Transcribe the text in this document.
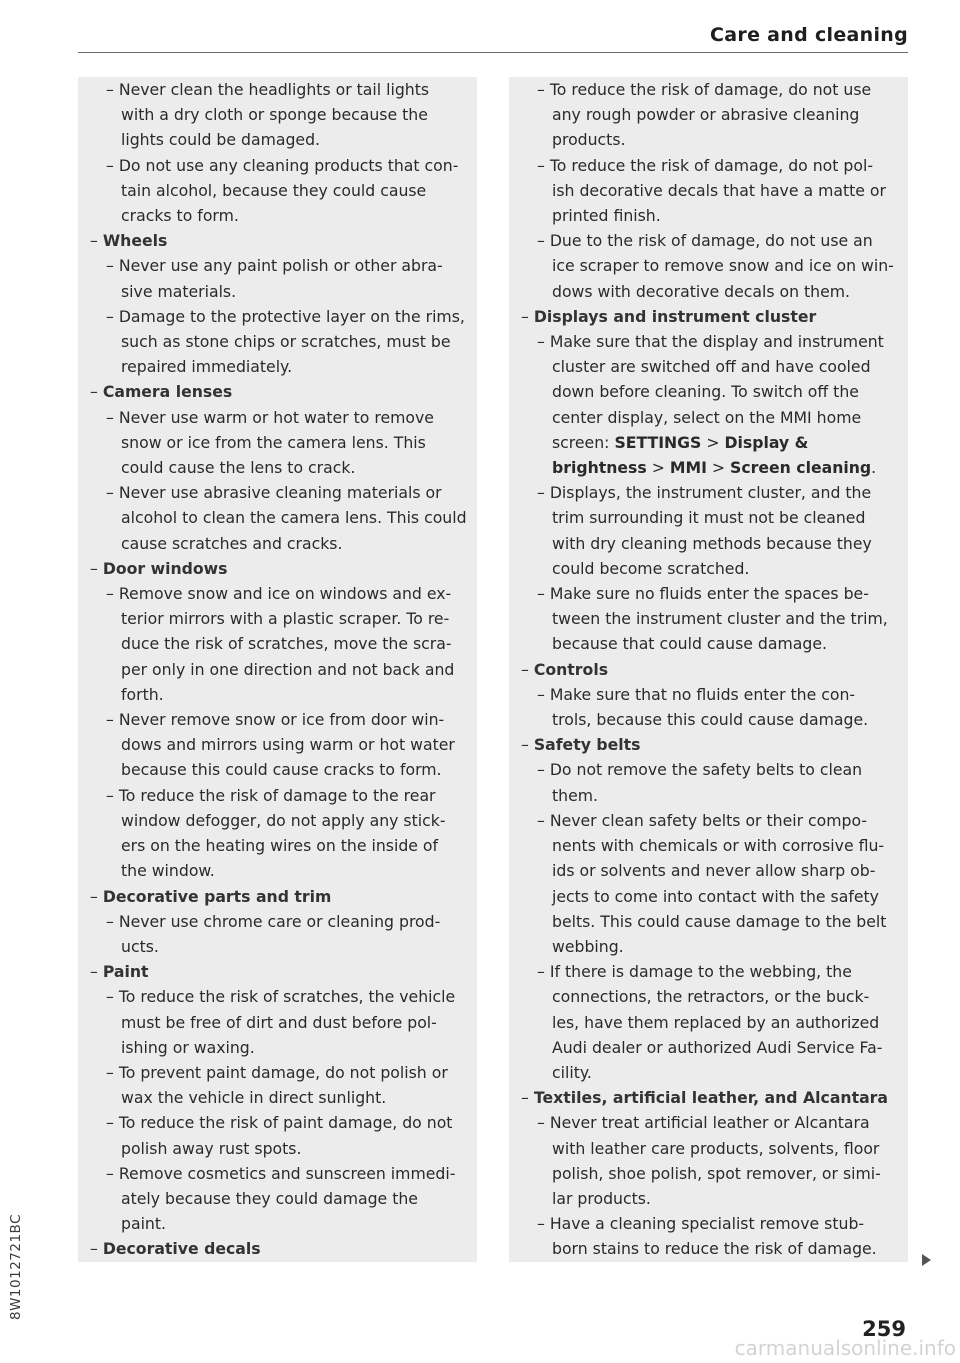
Care and cleaning
– Never clean the headlights or tail lights with a dry cloth or sponge because the lights could be damaged.
– Do not use any cleaning products that con- tain alcohol, because they could cause cracks to form.
– Wheels
– Never use any paint polish or other abra- sive materials.
– Damage to the protective layer on the rims, such as stone chips or scratches, must be repaired immediately.
– Camera lenses
– Never use warm or hot water to remove snow or ice from the camera lens. This could cause the lens to crack.
– Never use abrasive cleaning materials or alcohol to clean the camera lens. This could cause scratches and cracks.
– Door windows
– Remove snow and ice on windows and ex- terior mirrors with a plastic scraper. To re- duce the risk of scratches, move the scra- per only in one direction and not back and forth.
– Never remove snow or ice from door win- dows and mirrors using warm or hot water because this could cause cracks to form.
– To reduce the risk of damage to the rear window defogger, do not apply any stick- ers on the heating wires on the inside of the window.
– Decorative parts and trim
– Never use chrome care or cleaning prod- ucts.
– Paint
– To reduce the risk of scratches, the vehicle must be free of dirt and dust before pol- ishing or waxing.
– To prevent paint damage, do not polish or wax the vehicle in direct sunlight.
– To reduce the risk of paint damage, do not polish away rust spots.
– Remove cosmetics and sunscreen immedi- ately because they could damage the paint.
– Decorative decals
– To reduce the risk of damage, do not use any rough powder or abrasive cleaning products.
– To reduce the risk of damage, do not pol- ish decorative decals that have a matte or printed finish.
– Due to the risk of damage, do not use an ice scraper to remove snow and ice on win- dows with decorative decals on them.
– Displays and instrument cluster
– Make sure that the display and instrument cluster are switched off and have cooled down before cleaning. To switch off the center display, select on the MMI home screen: SETTINGS > Display & brightness > MMI > Screen cleaning.
– Displays, the instrument cluster, and the trim surrounding it must not be cleaned with dry cleaning methods because they could become scratched.
– Make sure no fluids enter the spaces be- tween the instrument cluster and the trim, because that could cause damage.
– Controls
– Make sure that no fluids enter the con- trols, because this could cause damage.
– Safety belts
– Do not remove the safety belts to clean them.
– Never clean safety belts or their compo- nents with chemicals or with corrosive flu- ids or solvents and never allow sharp ob- jects to come into contact with the safety belts. This could cause damage to the belt webbing.
– If there is damage to the webbing, the connections, the retractors, or the buck- les, have them replaced by an authorized Audi dealer or authorized Audi Service Fa- cility.
– Textiles, artificial leather, and Alcantara
– Never treat artificial leather or Alcantara with leather care products, solvents, floor polish, shoe polish, spot remover, or simi- lar products.
– Have a cleaning specialist remove stub- born stains to reduce the risk of damage.
8W1012721BC
259
carmanualsonline.info
